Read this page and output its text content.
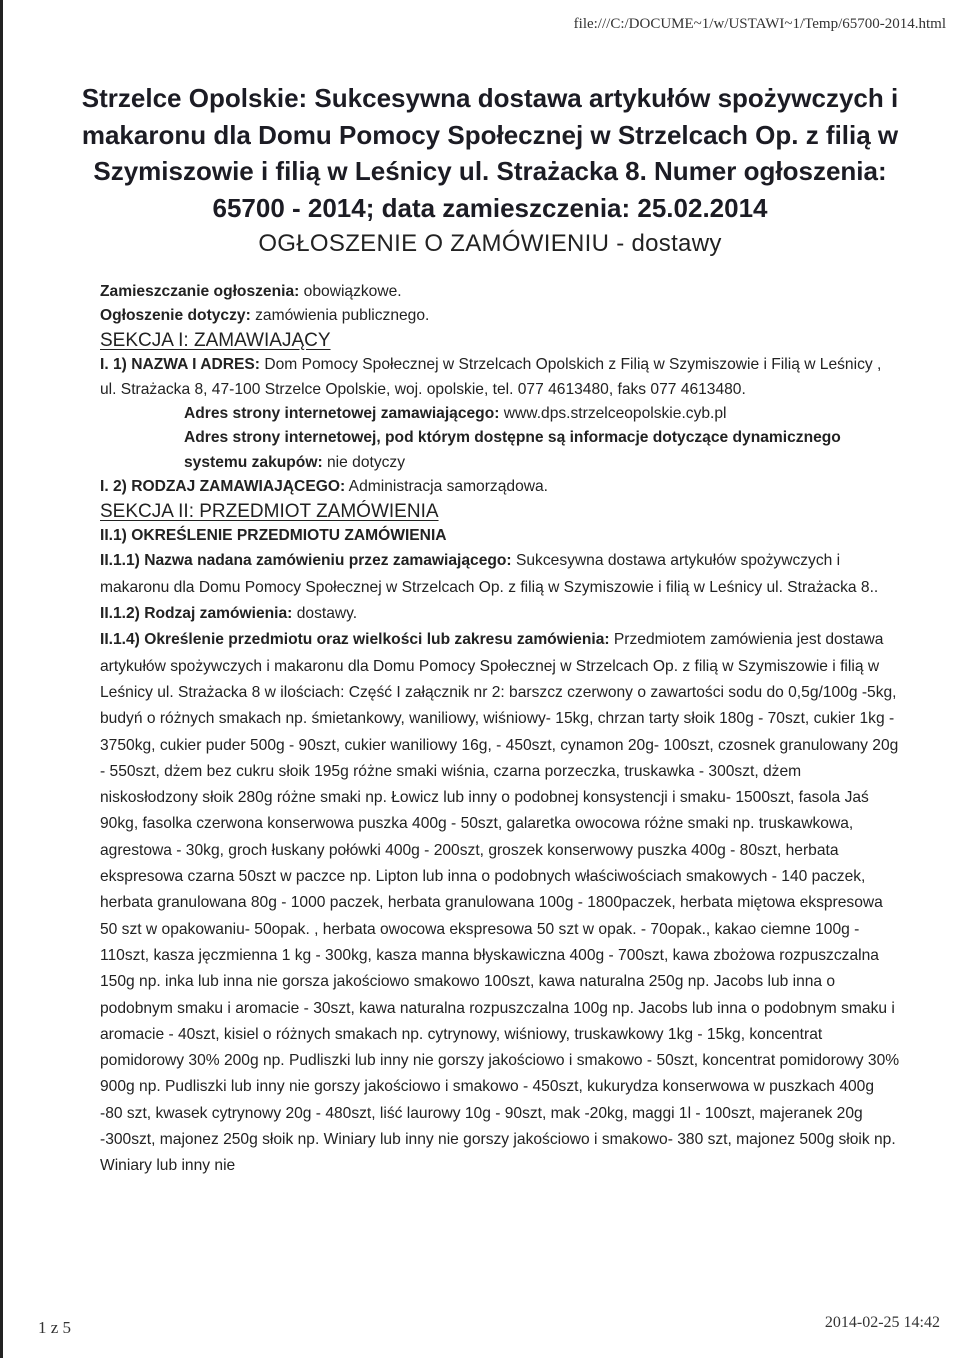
file:///C:/DOCUME~1/w/USTAWI~1/Temp/65700-2014.html

Strzelce Opolskie: Sukcesywna dostawa artykułów spożywczych i makaronu dla Domu Pomocy Społecznej w Strzelcach Op. z filią w Szymiszowie i filią w Leśnicy ul. Strażacka 8. Numer ogłoszenia: 65700 - 2014; data zamieszczenia: 25.02.2014

OGŁOSZENIE O ZAMÓWIENIU - dostawy

Zamieszczanie ogłoszenia: obowiązkowe.

Ogłoszenie dotyczy: zamówienia publicznego.

SEKCJA I: ZAMAWIAJĄCY

I. 1) NAZWA I ADRES: Dom Pomocy Społecznej w Strzelcach Opolskich z Filią w Szymiszowie i Filią w Leśnicy , ul. Strażacka 8, 47-100 Strzelce Opolskie, woj. opolskie, tel. 077 4613480, faks 077 4613480.

Adres strony internetowej zamawiającego: www.dps.strzelceopolskie.cyb.pl

Adres strony internetowej, pod którym dostępne są informacje dotyczące dynamicznego systemu zakupów: nie dotyczy

I. 2) RODZAJ ZAMAWIAJĄCEGO: Administracja samorządowa.

SEKCJA II: PRZEDMIOT ZAMÓWIENIA

II.1) OKREŚLENIE PRZEDMIOTU ZAMÓWIENIA

II.1.1) Nazwa nadana zamówieniu przez zamawiającego: Sukcesywna dostawa artykułów spożywczych i makaronu dla Domu Pomocy Społecznej w Strzelcach Op. z filią w Szymiszowie i filią w Leśnicy ul. Strażacka 8..

II.1.2) Rodzaj zamówienia: dostawy.

II.1.4) Określenie przedmiotu oraz wielkości lub zakresu zamówienia: Przedmiotem zamówienia jest dostawa artykułów spożywczych i makaronu dla Domu Pomocy Społecznej w Strzelcach Op. z filią w Szymiszowie i filią w Leśnicy ul. Strażacka 8 w ilościach: Część I załącznik nr 2: barszcz czerwony o zawartości sodu do 0,5g/100g -5kg, budyń o różnych smakach np. śmietankowy, waniliowy, wiśniowy- 15kg, chrzan tarty słoik 180g - 70szt, cukier 1kg - 3750kg, cukier puder 500g - 90szt, cukier waniliowy 16g, - 450szt, cynamon 20g- 100szt, czosnek granulowany 20g - 550szt, dżem bez cukru słoik 195g różne smaki wiśnia, czarna porzeczka, truskawka - 300szt, dżem niskosłodzony słoik 280g różne smaki np. Łowicz lub inny o podobnej konsystencji i smaku- 1500szt, fasola Jaś 90kg, fasolka czerwona konserwowa puszka 400g - 50szt, galaretka owocowa różne smaki np. truskawkowa, agrestowa - 30kg, groch łuskany połówki 400g - 200szt, groszek konserwowy puszka 400g - 80szt, herbata ekspresowa czarna 50szt w paczce np. Lipton lub inna o podobnych właściwościach smakowych - 140 paczek, herbata granulowana 80g - 1000 paczek, herbata granulowana 100g - 1800paczek, herbata miętowa ekspresowa 50 szt w opakowaniu- 50opak. , herbata owocowa ekspresowa 50 szt w opak. - 70opak., kakao ciemne 100g - 110szt, kasza jęczmienna 1 kg - 300kg, kasza manna błyskawiczna 400g - 700szt, kawa zbożowa rozpuszczalna 150g np. inka lub inna nie gorsza jakościowo smakowo 100szt, kawa naturalna 250g np. Jacobs lub inna o podobnym smaku i aromacie - 30szt, kawa naturalna rozpuszczalna 100g np. Jacobs lub inna o podobnym smaku i aromacie - 40szt, kisiel o różnych smakach np. cytrynowy, wiśniowy, truskawkowy 1kg - 15kg, koncentrat pomidorowy 30% 200g np. Pudliszki lub inny nie gorszy jakościowo i smakowo - 50szt, koncentrat pomidorowy 30% 900g np. Pudliszki lub inny nie gorszy jakościowo i smakowo - 450szt, kukurydza konserwowa w puszkach 400g -80 szt, kwasek cytrynowy 20g - 480szt, liść laurowy 10g - 90szt, mak -20kg, maggi 1l - 100szt, majeranek 20g -300szt, majonez 250g słoik np. Winiary lub inny nie gorszy jakościowo i smakowo- 380 szt, majonez 500g słoik np. Winiary lub inny nie

1 z 5	2014-02-25 14:42
